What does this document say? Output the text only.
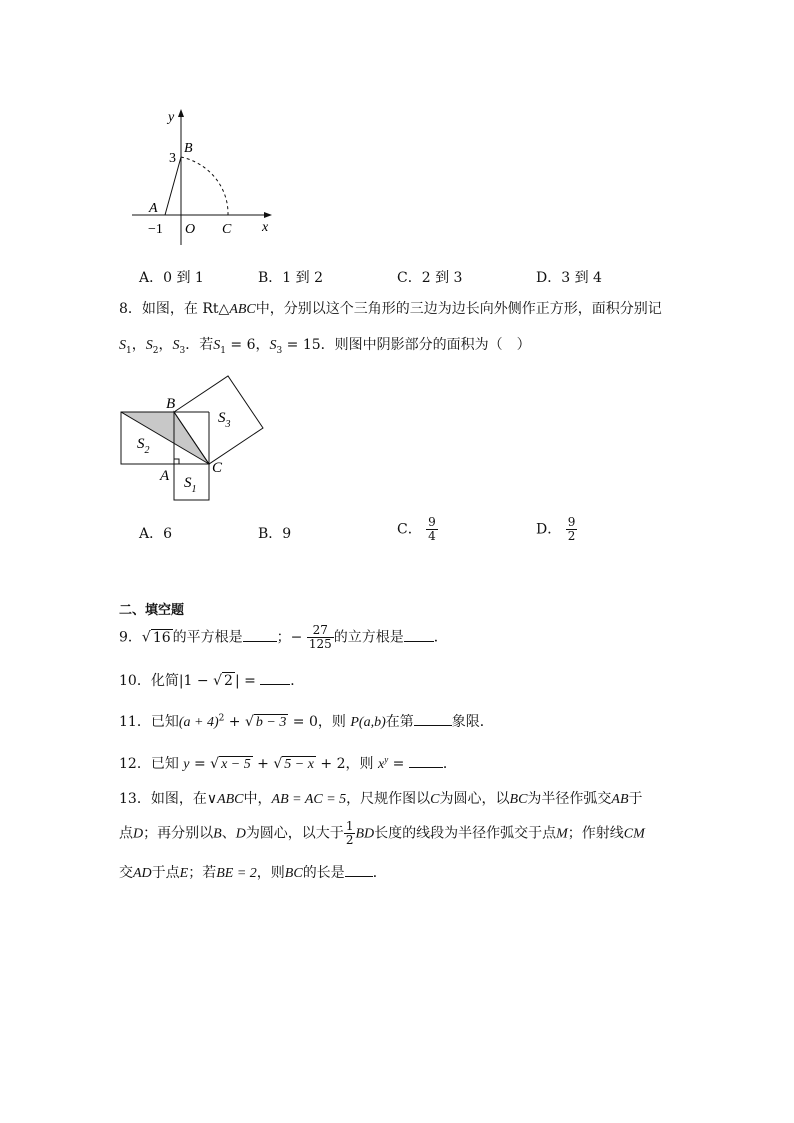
y
B
3
A
−1 O C x
A．0 到 1	B．1 到 2	C．2 到 3	D．3 到 4
8．如图，在 Rt△ABC中，分别以这个三角形的三边为边长向外侧作正方形，面积分别记
$S_1$，$S_2$，$S_3$．若$S_1 = 6$，$S_3 = 15$．则图中阴影部分的面积为（　）
B
$S_3$
$S_2$
A	C
$S_1$
A．6	B．9	C． $\frac{9}{4}$	D． $\frac{9}{2}$
二、填空题
9．√ 16 的平方根是 ；− $\frac{27}{125}$ 的立方根是 ．
10．化简|1 − √ 2 | = ．
11．已知$(a + 4)^2$ + √ b − 3 = 0，则 P(a,b)在第	象限．
12．已知 y = √ x − 5 + √ 5 − x + 2，则 $x^y$ = ．
13．如图，在∨ABC中，AB = AC = 5，尺规作图以C为圆心，以BC为半径作弧交AB于
点D；再分别以B、D为圆心，以大于 $\frac{1}{2}$ BD长度的线段为半径作弧交于点M；作射线CM
交AD于点E；若BE = 2，则BC的长是 ．
